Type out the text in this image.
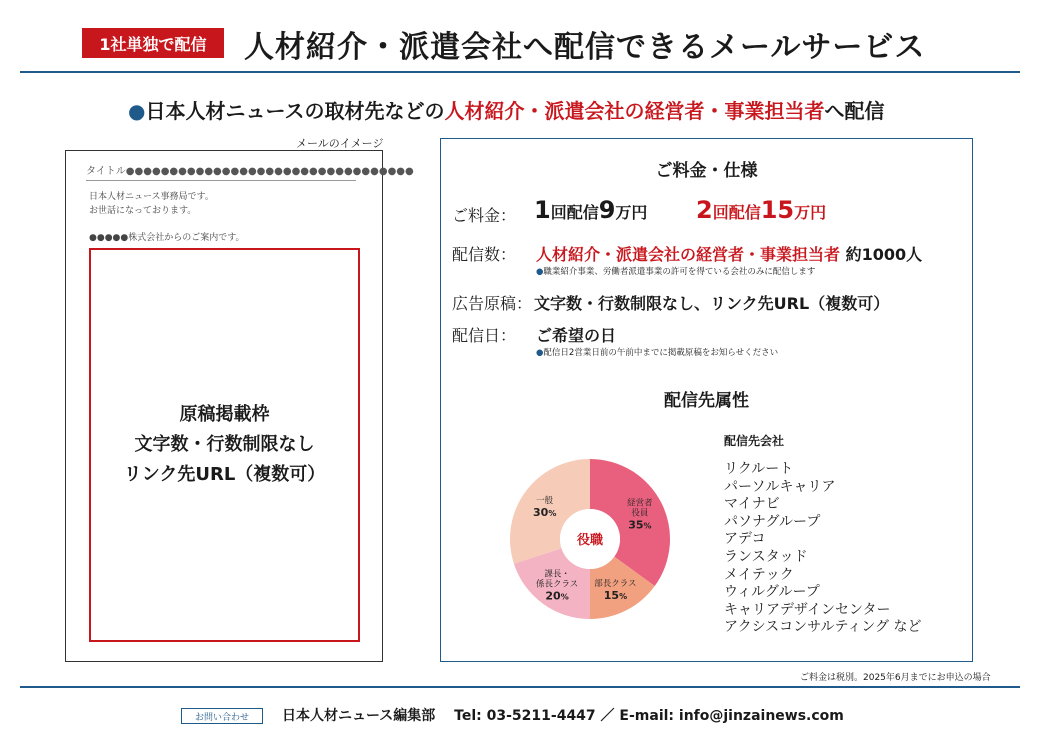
1社単独で配信	人材紹介・派遣会社へ配信できるメールサービス
●日本人材ニュースの取材先などの人材紹介・派遣会社の経営者・事業担当者へ配信
メールのイメージ
タイトル●●●●●●●●●●●●●●●●●●●●●●●●●●●●●●●●●
日本人材ニュース事務局です。
お世話になっております。
●●●●●株式会社からのご案内です。
原稿掲載枠
文字数・行数制限なし
リンク先URL（複数可）
ご料金・仕様
ご料金： 1回配信9万円 2回配信15万円
配信数： 人材紹介・派遣会社の経営者・事業担当者 約1000人
●職業紹介事業、労働者派遣事業の許可を得ている会社のみに配信します
広告原稿： 文字数・行数制限なし、リンク先URL（複数可）
配信日： ご希望の日
●配信日2営業日前の午前中までに掲載原稿をお知らせください
配信先属性
経営者役員 35%
部長クラス 15%
課長・係長クラス 20%
一般 30%
役職
配信先会社
ご料金は税別。2025年6月までにお申込の場合
お問い合わせ	日本人材ニュース編集部　 Tel: 03-5211-4447 ／ E-mail: info@jinzainews.com
リクルート
パーソルキャリア
マイナビ
パソナグループ
アデコ
ランスタッド
メイテック
ウィルグループ
キャリアデザインセンター
アクシスコンサルティング など
